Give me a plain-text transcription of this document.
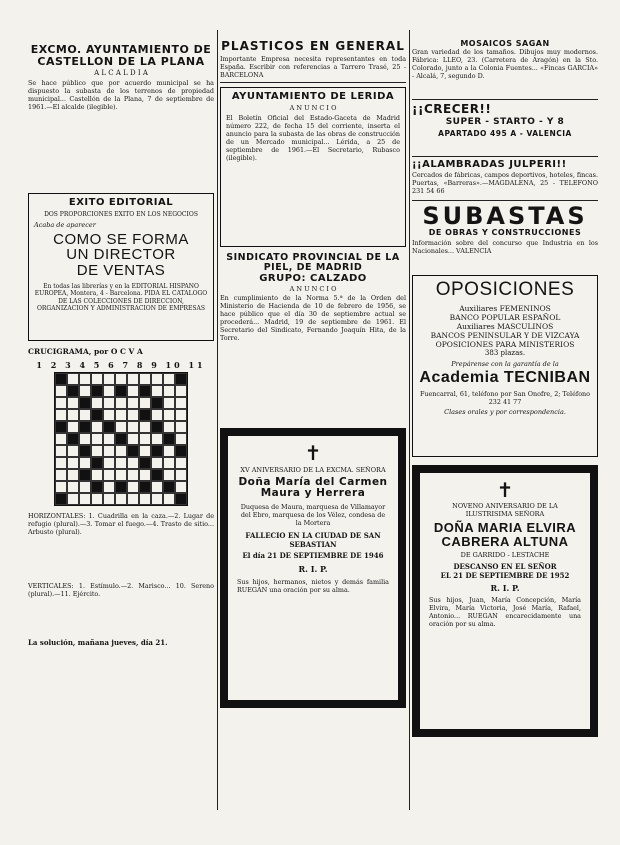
EXCMO. AYUNTAMIENTO DE
CASTELLON DE LA PLANA
A L C A L D I A
Se hace público que por acuerdo municipal se ha dispuesto la subasta de los terrenos de propiedad municipal... Castellón de la Plana, 7 de septiembre de 1961.—El alcalde (ilegible).
EXITO EDITORIAL
DOS PROPORCIONES EXITO EN LOS NEGOCIOS
Acaba de aparecer
COMO SE FORMA
UN DIRECTOR
DE VENTAS
En todas las librerías y en la EDITORIAL HISPANO EUROPEA, Montera, 4 - Barcelona. PIDA EL CATALOGO DE LAS COLECCIONES DE DIRECCION, ORGANIZACION Y ADMINISTRACION DE EMPRESAS
CRUCIGRAMA, por O C V A
1 2 3 4 5 6 7 8 9 10 11
HORIZONTALES: 1. Cuadrilla en la caza.—2. Lugar de refugio (plural).—3. Tomar el fuego.—4. Trasto de sitio... Arbusto (plural).
VERTICALES: 1. Estímulo.—2. Marisco... 10. Sereno (plural).—11. Ejército.
La solución, mañana jueves, día 21.
PLASTICOS EN GENERAL
Importante Empresa necesita representantes en toda España. Escribir con referencias a Tarrero Trasé, 25 - BARCELONA
AYUNTAMIENTO DE LERIDA
A N U N C I O
El Boletín Oficial del Estado-Gaceta de Madrid número 222, de fecha 15 del corriente, inserta el anuncio para la subasta de las obras de construcción de un Mercado municipal... Lérida, a 25 de septiembre de 1961.—El Secretario, Rubasco (ilegible).
SINDICATO PROVINCIAL DE LA
PIEL, DE MADRID
GRUPO: CALZADO
A N U N C I O
En cumplimiento de la Norma 5.ª de la Orden del Ministerio de Hacienda de 10 de febrero de 1956, se hace público que el día 30 de septiembre actual se procederá... Madrid, 19 de septiembre de 1961. El Secretario del Sindicato, Fernando Joaquín Hita, de la Torre.
✝
XV ANIVERSARIO DE LA EXCMA. SEÑORA
Doña María del Carmen
Maura y Herrera
Duquesa de Maura, marquesa de Villamayor del Ebro, marquesa de los Vélez, condesa de la Mortera
FALLECIO EN LA CIUDAD DE SAN SEBASTIAN
El día 21 DE SEPTIEMBRE DE 1946
R. I. P.
Sus hijos, hermanos, nietos y demás familia RUEGAN una oración por su alma.
MOSAICOS SAGAN
Gran variedad de los tamaños. Dibujos muy modernos. Fábrica: LLEO, 23. (Carretera de Aragón) en la Sto. Colorado, junto a la Colonia Fuentes... «Fincas GARCIA» - Alcalá, 7, segundo D.
¡¡CRECER!!
SUPER - STARTO - Y 8
APARTADO 495 A - VALENCIA
¡¡ALAMBRADAS JULPERI!!
Cercados de fábricas, campos deportivos, hoteles, fincas. Puertas, «Barreras».—MAGDALENA, 25 - TELEFONO 231 54 66
SUBASTAS
DE OBRAS Y CONSTRUCCIONES
Información sobre del concurso que Industria en los Nacionales... VALENCIA
OPOSICIONES
Auxiliares FEMENINOS
BANCO POPULAR ESPAÑOL
Auxiliares MASCULINOS
BANCOS PENINSULAR Y DE VIZCAYA
OPOSICIONES PARA MINISTERIOS
383 plazas.
Prepárense con la garantía de la
Academia TECNIBAN
Fuencarral, 61, teléfono por San Onofre, 2; Teléfono 232 41 77
Clases orales y por correspondencia.
✝
NOVENO ANIVERSARIO DE LA ILUSTRISIMA SEÑORA
DOÑA MARIA ELVIRA
CABRERA ALTUNA
DE GARRIDO - LESTACHE
DESCANSO EN EL SEÑOR
EL 21 DE SEPTIEMBRE DE 1952
R. I. P.
Sus hijos, Juan, María Concepción, María Elvira, María Victoria, José María, Rafael, Antonio... RUEGAN encarecidamente una oración por su alma.
